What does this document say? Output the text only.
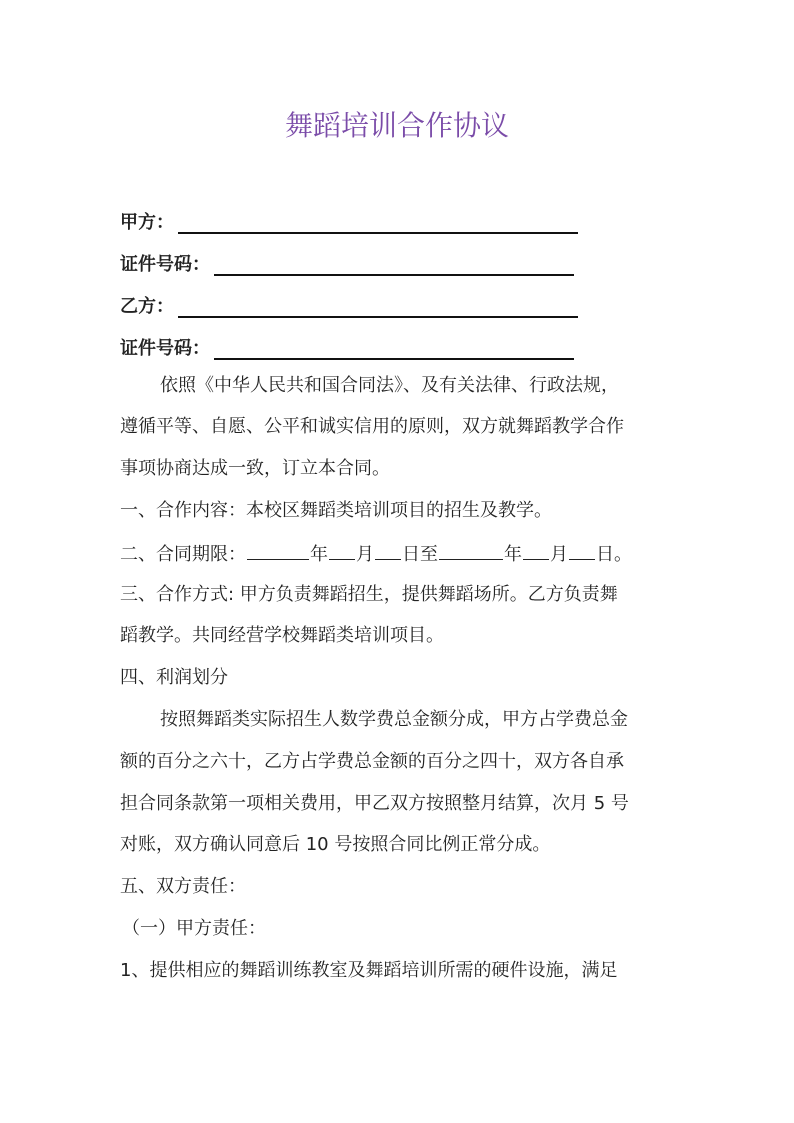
舞蹈培训合作协议
甲方：
证件号码：
乙方：
证件号码：
依照《中华人民共和国合同法》、及有关法律、行政法规，
遵循平等、自愿、公平和诚实信用的原则，双方就舞蹈教学合作
事项协商达成一致，订立本合同。
一、合作内容：本校区舞蹈类培训项目的招生及教学。
二、合同期限：	年 月 日至	年 月 日。
三、合作方式: 甲方负责舞蹈招生，提供舞蹈场所。乙方负责舞
蹈教学。共同经营学校舞蹈类培训项目。
四、利润划分
按照舞蹈类实际招生人数学费总金额分成，甲方占学费总金
额的百分之六十，乙方占学费总金额的百分之四十，双方各自承
担合同条款第一项相关费用，甲乙双方按照整月结算，次月 5 号
对账，双方确认同意后 10 号按照合同比例正常分成。
五、双方责任：
（一）甲方责任：
1、提供相应的舞蹈训练教室及舞蹈培训所需的硬件设施，满足
